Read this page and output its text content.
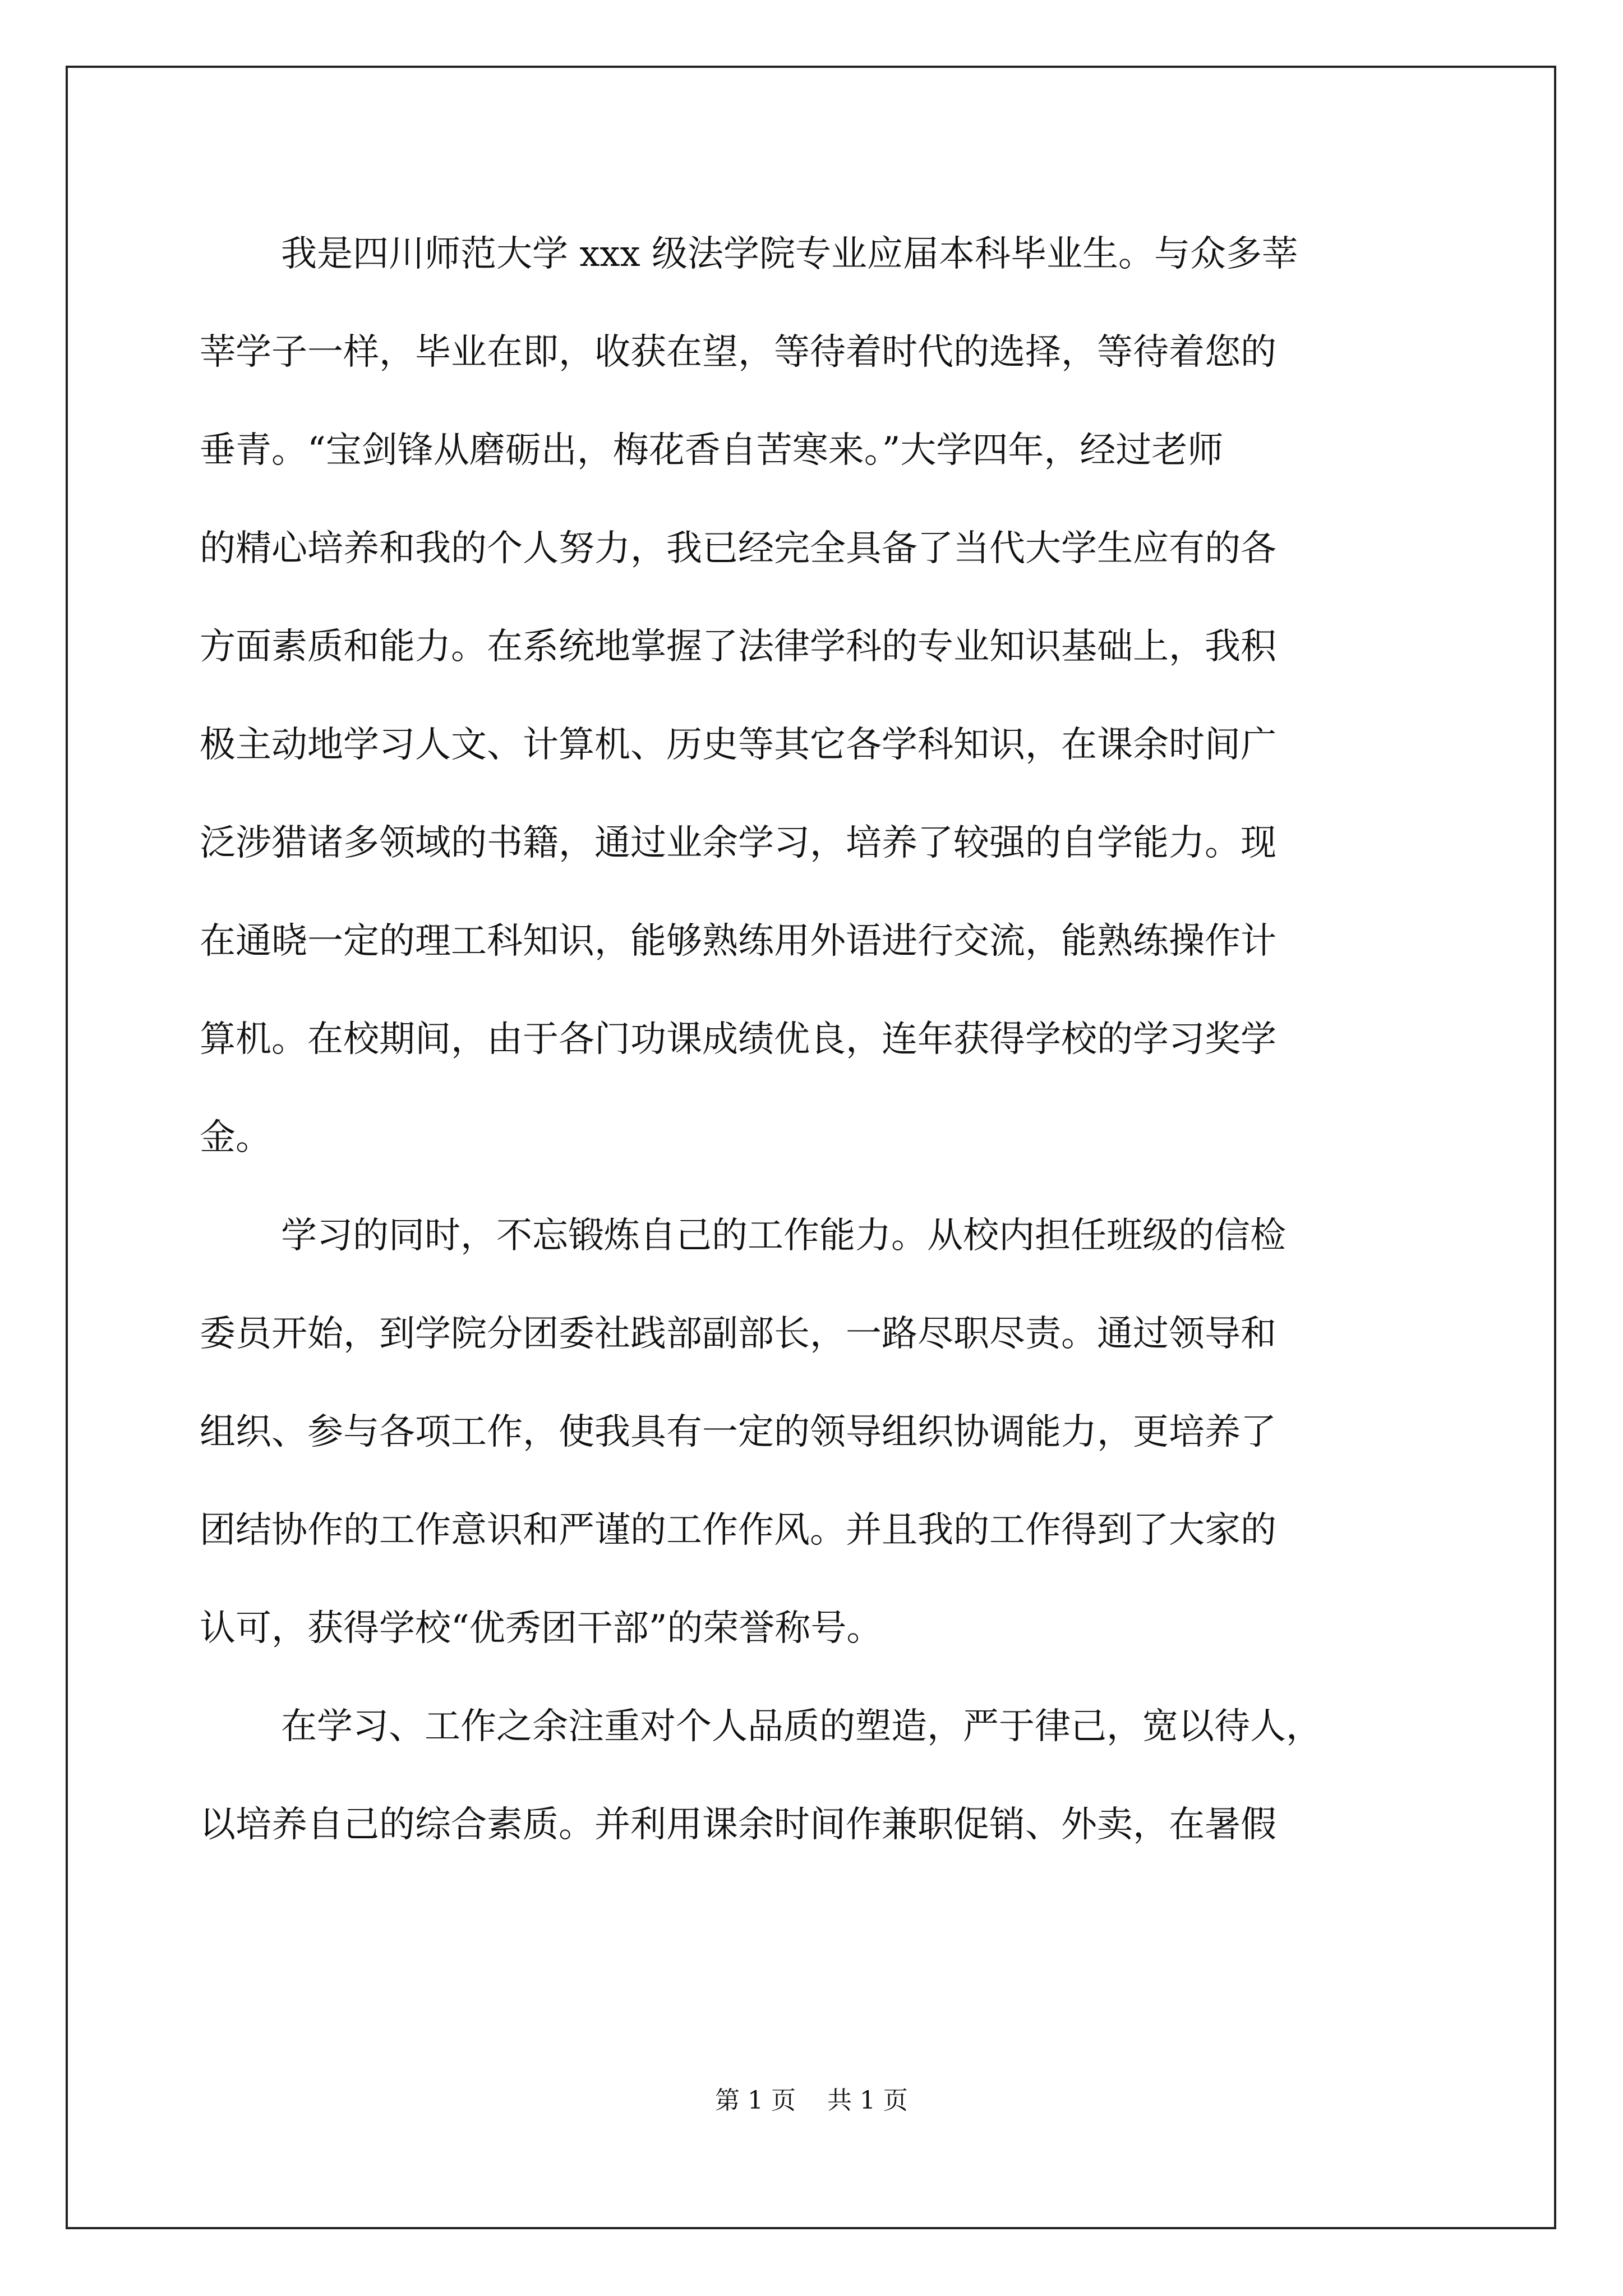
我是四川师范大学 xxx 级法学院专业应届本科毕业生。与众多莘
莘学子一样，毕业在即，收获在望，等待着时代的选择，等待着您的
垂青。“宝剑锋从磨砺出，梅花香自苦寒来。”大学四年，经过老师
的精心培养和我的个人努力，我已经完全具备了当代大学生应有的各
方面素质和能力。在系统地掌握了法律学科的专业知识基础上，我积
极主动地学习人文、计算机、历史等其它各学科知识，在课余时间广
泛涉猎诸多领域的书籍，通过业余学习，培养了较强的自学能力。现
在通晓一定的理工科知识，能够熟练用外语进行交流，能熟练操作计
算机。在校期间，由于各门功课成绩优良，连年获得学校的学习奖学
金。
学习的同时，不忘锻炼自己的工作能力。从校内担任班级的信检
委员开始，到学院分团委社践部副部长，一路尽职尽责。通过领导和
组织、参与各项工作，使我具有一定的领导组织协调能力，更培养了
团结协作的工作意识和严谨的工作作风。并且我的工作得到了大家的
认可，获得学校“优秀团干部”的荣誉称号。
在学习、工作之余注重对个人品质的塑造，严于律己，宽以待人，
以培养自己的综合素质。并利用课余时间作兼职促销、外卖，在暑假
第 1 页    共 1 页
